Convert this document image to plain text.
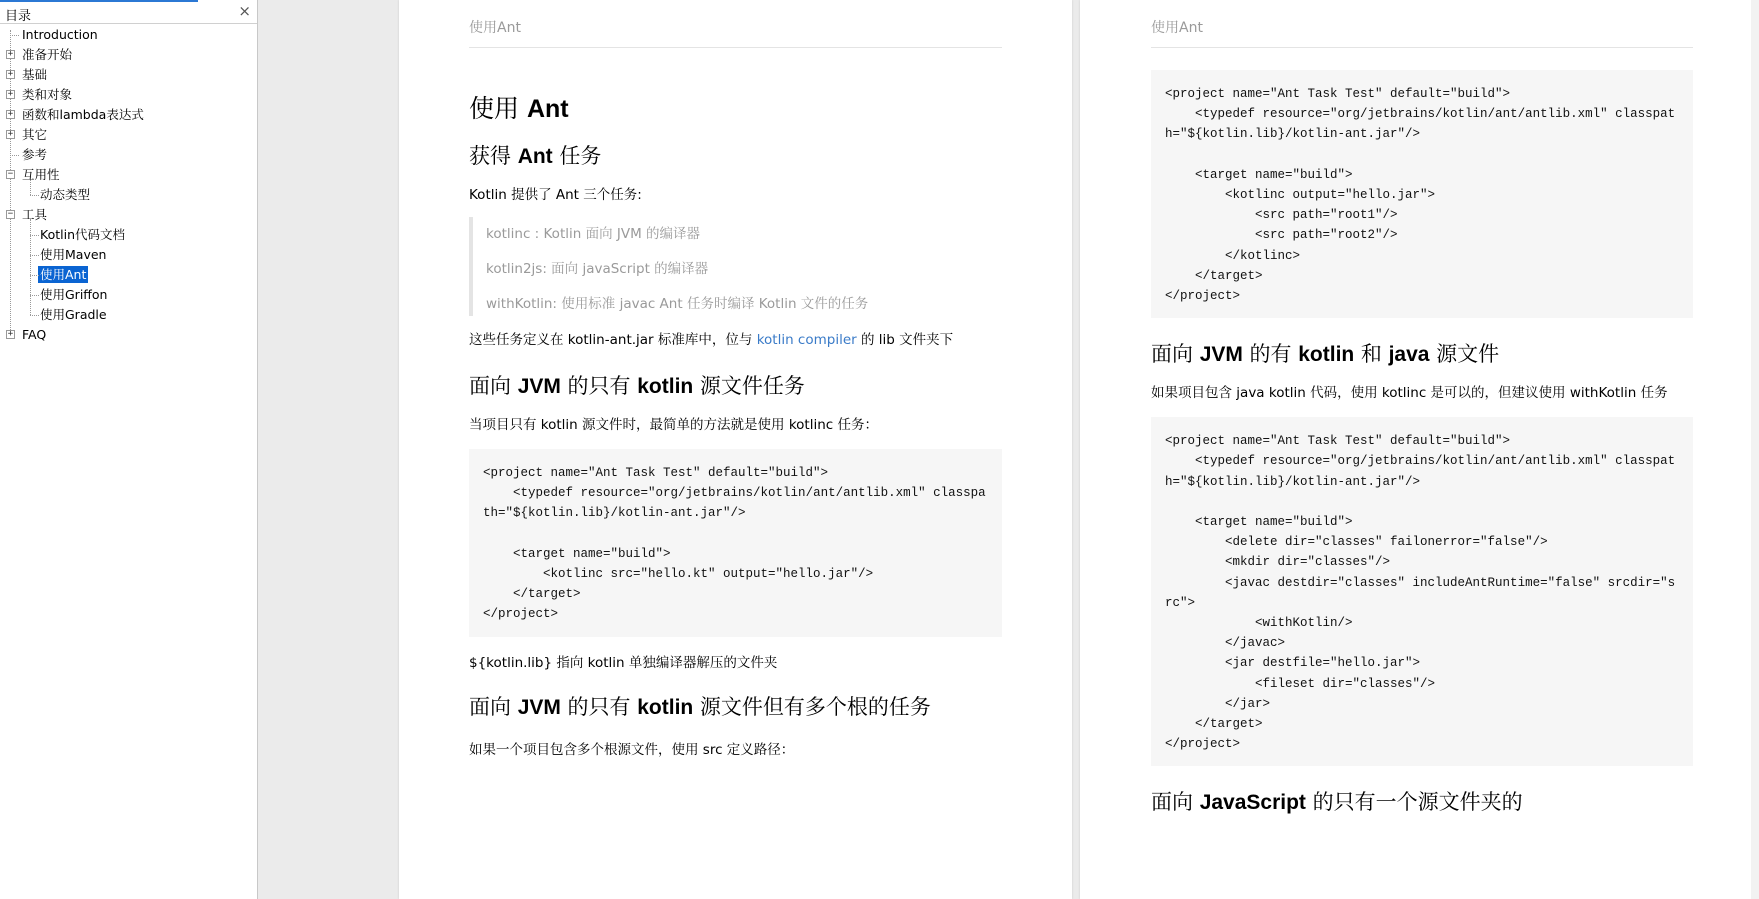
目录	×
Introduction
准备开始
+
基础
+
类和对象
+
函数和lambda表达式
+
其它
+
参考
互用性
−
动态类型
工具
−
Kotlin代码文档
使用Maven
使用Ant
使用Griffon
使用Gradle
FAQ
+
使用Ant
使用 Ant
获得 Ant 任务

Kotlin 提供了 Ant 三个任务:

kotlinc : Kotlin 面向 JVM 的编译器
kotlin2js: 面向 javaScript 的编译器
withKotlin: 使用标准 javac Ant 任务时编译 Kotlin 文件的任务

这些任务定义在 kotlin-ant.jar 标准库中，位与 kotlin compiler 的 lib 文件夹下

面向 JVM 的只有 kotlin 源文件任务

当项目只有 kotlin 源文件时，最简单的方法就是使用 kotlinc 任务：

<project name="Ant Task Test" default="build">
<typedef resource="org/jetbrains/kotlin/ant/antlib.xml" classpath="${kotlin.lib}/kotlin-ant.jar"/>

<target name="build">
<kotlinc src="hello.kt" output="hello.jar"/>
</target>
</project>

${kotlin.lib} 指向 kotlin 单独编译器解压的文件夹

面向 JVM 的只有 kotlin 源文件但有多个根的任务

如果一个项目包含多个根源文件，使用 src 定义路径：

使用Ant
<project name="Ant Task Test" default="build">
<typedef resource="org/jetbrains/kotlin/ant/antlib.xml" classpath="${kotlin.lib}/kotlin-ant.jar"/>

<target name="build">
<kotlinc output="hello.jar">
<src path="root1"/>
<src path="root2"/>
</kotlinc>
</target>
</project>
面向 JVM 的有 kotlin 和 java 源文件

如果项目包含 java kotlin 代码，使用 kotlinc 是可以的，但建议使用 withKotlin 任务

<project name="Ant Task Test" default="build">
<typedef resource="org/jetbrains/kotlin/ant/antlib.xml" classpath="${kotlin.lib}/kotlin-ant.jar"/>

<target name="build">
<delete dir="classes" failonerror="false"/>
<mkdir dir="classes"/>
<javac destdir="classes" includeAntRuntime="false" srcdir="src">
<withKotlin/>
</javac>
<jar destfile="hello.jar">
<fileset dir="classes"/>
</jar>
</target>
</project>
面向 JavaScript 的只有一个源文件夹的
